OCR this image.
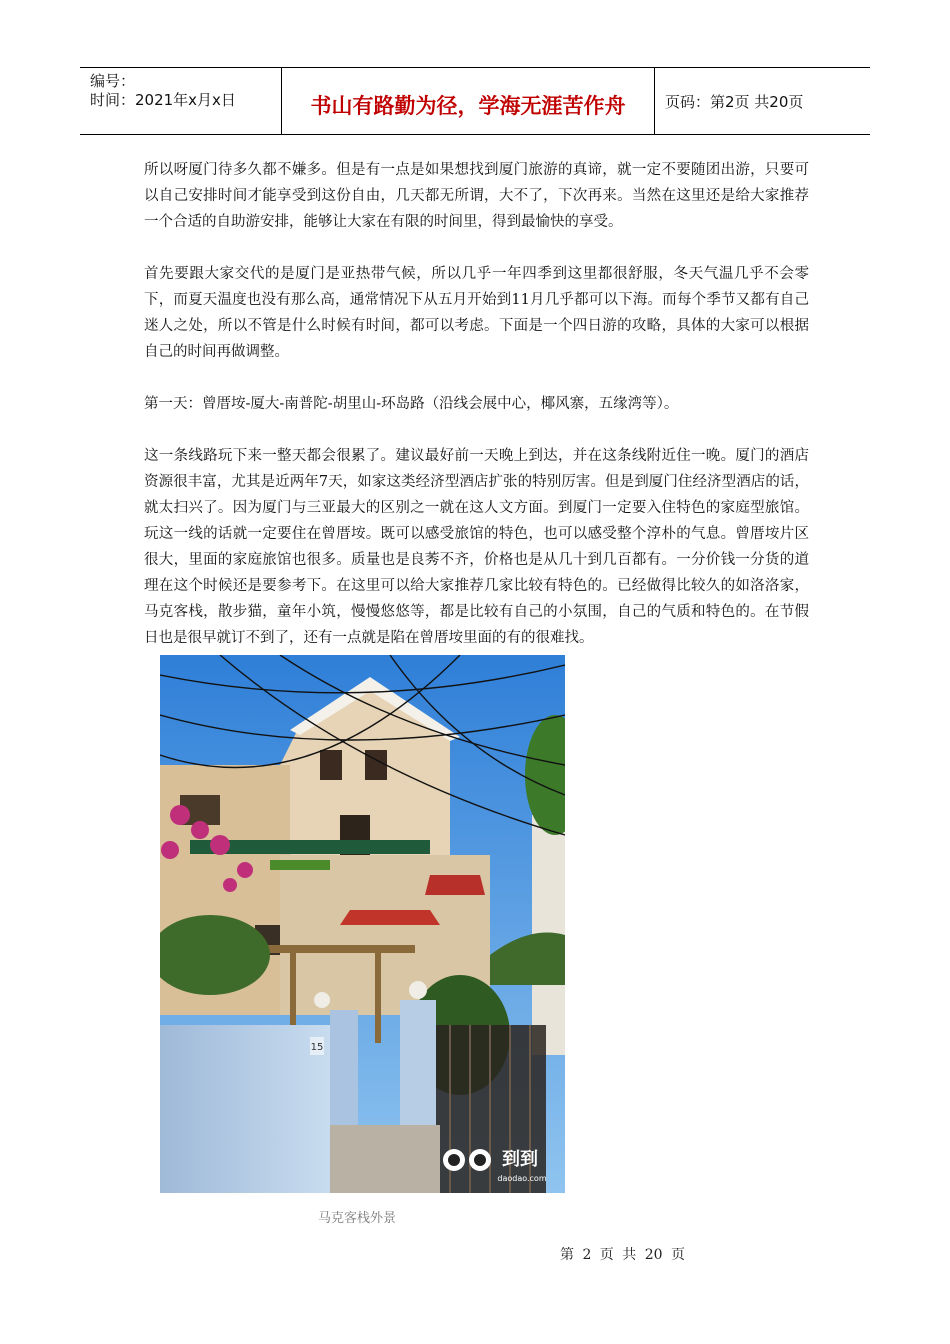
编号：
时间：2021年x月x日	书山有路勤为径，学海无涯苦作舟	页码：第2页 共20页

所以呀厦门待多久都不嫌多。但是有一点是如果想找到厦门旅游的真谛，就一定不要随团出游，只要可以自己安排时间才能享受到这份自由，几天都无所谓，大不了，下次再来。当然在这里还是给大家推荐一个合适的自助游安排，能够让大家在有限的时间里，得到最愉快的享受。

首先要跟大家交代的是厦门是亚热带气候，所以几乎一年四季到这里都很舒服，冬天气温几乎不会零下，而夏天温度也没有那么高，通常情况下从五月开始到11月几乎都可以下海。而每个季节又都有自己迷人之处，所以不管是什么时候有时间，都可以考虑。下面是一个四日游的攻略，具体的大家可以根据自己的时间再做调整。

第一天：曾厝垵-厦大-南普陀-胡里山-环岛路（沿线会展中心，椰风寨，五缘湾等）。

这一条线路玩下来一整天都会很累了。建议最好前一天晚上到达，并在这条线附近住一晚。厦门的酒店资源很丰富，尤其是近两年7天，如家这类经济型酒店扩张的特别厉害。但是到厦门住经济型酒店的话，就太扫兴了。因为厦门与三亚最大的区别之一就在这人文方面。到厦门一定要入住特色的家庭型旅馆。玩这一线的话就一定要住在曾厝垵。既可以感受旅馆的特色，也可以感受整个淳朴的气息。曾厝垵片区很大，里面的家庭旅馆也很多。质量也是良莠不齐，价格也是从几十到几百都有。一分价钱一分货的道理在这个时候还是要参考下。在这里可以给大家推荐几家比较有特色的。已经做得比较久的如洛洛家，马克客栈，散步猫，童年小筑，慢慢悠悠等，都是比较有自己的小氛围，自己的气质和特色的。在节假日也是很早就订不到了，还有一点就是陷在曾厝垵里面的有的很难找。

15
到到
daodao.com
马克客栈外景
第 2 页 共 20 页
